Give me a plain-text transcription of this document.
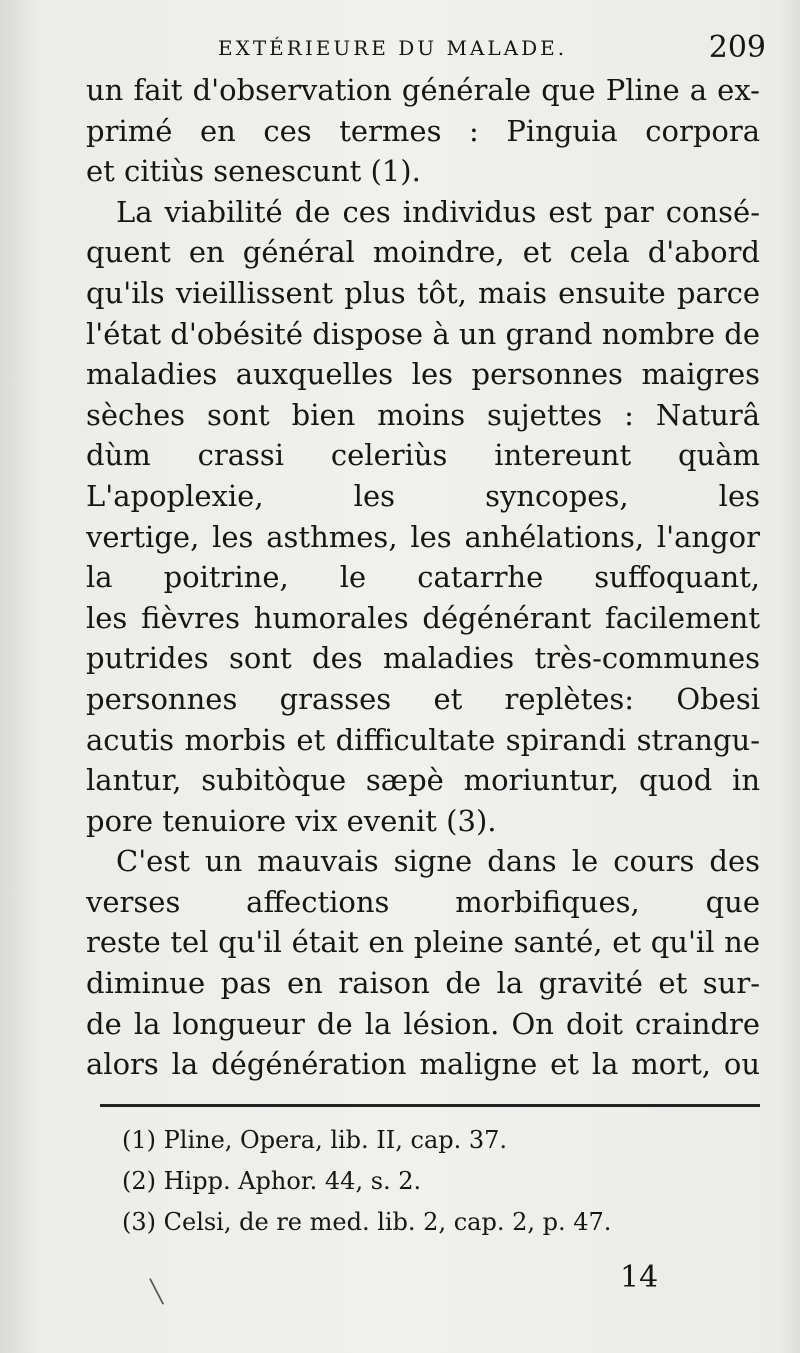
EXTÉRIEURE DU MALADE.	209
un fait d'observation générale que Pline a ex-
primé en ces termes : Pinguia corpora
et citiùs senescunt (1).
La viabilité de ces individus est par consé-
quent en général moindre, et cela d'abord
qu'ils vieillissent plus tôt, mais ensuite parce
l'état d'obésité dispose à un grand nombre de
maladies auxquelles les personnes maigres
sèches sont bien moins sujettes : Naturâ
dùm crassi celeriùs intereunt quàm
L'apoplexie, les syncopes, les
vertige, les asthmes, les anhélations, l'angor
la poitrine, le catarrhe suffoquant,
les fièvres humorales dégénérant facilement
putrides sont des maladies très-communes
personnes grasses et replètes: Obesi
acutis morbis et difficultate spirandi strangu-
lantur, subitòque sæpè moriuntur, quod in
pore tenuiore vix evenit (3).
C'est un mauvais signe dans le cours des
verses affections morbifiques, que
reste tel qu'il était en pleine santé, et qu'il ne
diminue pas en raison de la gravité et sur-
de la longueur de la lésion. On doit craindre
alors la dégénération maligne et la mort, ou
(1) Pline, Opera, lib. II, cap. 37.
(2) Hipp. Aphor. 44, s. 2.
(3) Celsi, de re med. lib. 2, cap. 2, p. 47.
14
╲
